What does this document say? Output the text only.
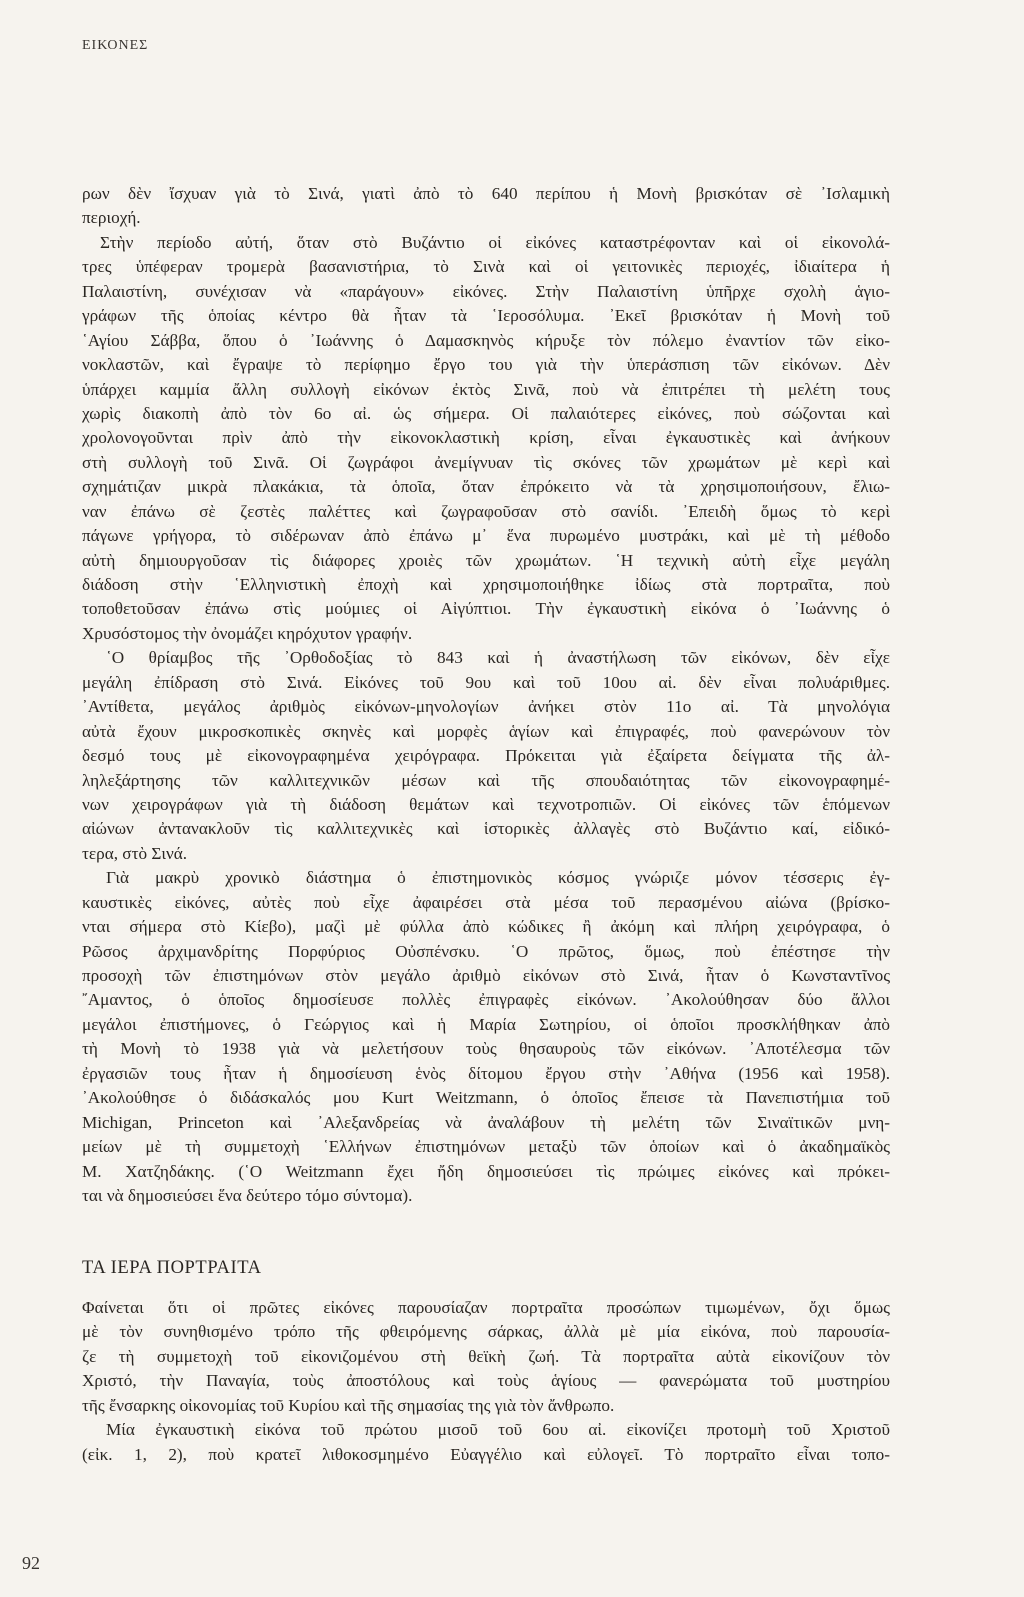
ΕΙΚΟΝΕΣ
ρων δὲν ἴσχυαν γιὰ τὸ Σινά, γιατὶ ἀπὸ τὸ 640 περίπου ἡ Μονὴ βρισκόταν σὲ ᾽Ισλαμικὴ
περιοχή.
Στὴν περίοδο αὐτή, ὅταν στὸ Βυζάντιο οἱ εἰκόνες καταστρέφονταν καὶ οἱ εἰκονολά-
τρες ὑπέφεραν τρομερὰ βασανιστήρια, τὸ Σινὰ καὶ οἱ γειτονικὲς περιοχές, ἰδιαίτερα ἡ
Παλαιστίνη, συνέχισαν νὰ «παράγουν» εἰκόνες. Στὴν Παλαιστίνη ὑπῆρχε σχολὴ ἁγιο-
γράφων τῆς ὁποίας κέντρο θὰ ἦταν τὰ ῾Ιεροσόλυμα. ᾽Εκεῖ βρισκόταν ἡ Μονὴ τοῦ
῾Αγίου Σάββα, ὅπου ὁ ᾽Ιωάννης ὁ Δαμασκηνὸς κήρυξε τὸν πόλεμο ἐναντίον τῶν εἰκο-
νοκλαστῶν, καὶ ἔγραψε τὸ περίφημο ἔργο του γιὰ τὴν ὑπεράσπιση τῶν εἰκόνων. Δὲν
ὑπάρχει καμμία ἄλλη συλλογὴ εἰκόνων ἐκτὸς Σινᾶ, ποὺ νὰ ἐπιτρέπει τὴ μελέτη τους
χωρὶς διακοπὴ ἀπὸ τὸν 6ο αἰ. ὡς σήμερα. Οἱ παλαιότερες εἰκόνες, ποὺ σώζονται καὶ
χρολονογοῦνται πρὶν ἀπὸ τὴν εἰκονοκλαστικὴ κρίση, εἶναι ἐγκαυστικὲς καὶ ἀνήκουν
στὴ συλλογὴ τοῦ Σινᾶ. Οἱ ζωγράφοι ἀνεμίγνυαν τὶς σκόνες τῶν χρωμάτων μὲ κερὶ καὶ
σχημάτιζαν μικρὰ πλακάκια, τὰ ὁποῖα, ὅταν ἐπρόκειτο νὰ τὰ χρησιμοποιήσουν, ἔλιω-
ναν ἐπάνω σὲ ζεστὲς παλέττες καὶ ζωγραφοῦσαν στὸ σανίδι. ᾽Επειδὴ ὅμως τὸ κερὶ
πάγωνε γρήγορα, τὸ σιδέρωναν ἀπὸ ἐπάνω μ᾽ ἕνα πυρωμένο μυστράκι, καὶ μὲ τὴ μέθοδο
αὐτὴ δημιουργοῦσαν τὶς διάφορες χροιὲς τῶν χρωμάτων. ῾Η τεχνικὴ αὐτὴ εἶχε μεγάλη
διάδοση στὴν ῾Ελληνιστικὴ ἐποχὴ καὶ χρησιμοποιήθηκε ἰδίως στὰ πορτραῖτα, ποὺ
τοποθετοῦσαν ἐπάνω στὶς μούμιες οἱ Αἰγύπτιοι. Τὴν ἐγκαυστικὴ εἰκόνα ὁ ᾽Ιωάννης ὁ
Χρυσόστομος τὴν ὀνομάζει κηρόχυτον γραφήν.
῾Ο θρίαμβος τῆς ᾽Ορθοδοξίας τὸ 843 καὶ ἡ ἀναστήλωση τῶν εἰκόνων, δὲν εἶχε
μεγάλη ἐπίδραση στὸ Σινά. Εἰκόνες τοῦ 9ου καὶ τοῦ 10ου αἰ. δὲν εἶναι πολυάριθμες.
᾽Αντίθετα, μεγάλος ἀριθμὸς εἰκόνων-μηνολογίων ἀνήκει στὸν 11ο αἰ. Τὰ μηνολόγια
αὐτὰ ἔχουν μικροσκοπικὲς σκηνὲς καὶ μορφὲς ἁγίων καὶ ἐπιγραφές, ποὺ φανερώνουν τὸν
δεσμό τους μὲ εἰκονογραφημένα χειρόγραφα. Πρόκειται γιὰ ἐξαίρετα δείγματα τῆς ἀλ-
ληλεξάρτησης τῶν καλλιτεχνικῶν μέσων καὶ τῆς σπουδαιότητας τῶν εἰκονογραφημέ-
νων χειρογράφων γιὰ τὴ διάδοση θεμάτων καὶ τεχνοτροπιῶν. Οἱ εἰκόνες τῶν ἑπόμενων
αἰώνων ἀντανακλοῦν τὶς καλλιτεχνικὲς καὶ ἱστορικὲς ἀλλαγὲς στὸ Βυζάντιο καί, εἰδικό-
τερα, στὸ Σινά.
Γιὰ μακρὺ χρονικὸ διάστημα ὁ ἐπιστημονικὸς κόσμος γνώριζε μόνον τέσσερις ἐγ-
καυστικὲς εἰκόνες, αὐτὲς ποὺ εἶχε ἀφαιρέσει στὰ μέσα τοῦ περασμένου αἰώνα (βρίσκο-
νται σήμερα στὸ Κίεβο), μαζὶ μὲ φύλλα ἀπὸ κώδικες ἢ ἀκόμη καὶ πλήρη χειρόγραφα, ὁ
Ρῶσος ἀρχιμανδρίτης Πορφύριος Οὐσπένσκυ. ῾Ο πρῶτος, ὅμως, ποὺ ἐπέστησε τὴν
προσοχὴ τῶν ἐπιστημόνων στὸν μεγάλο ἀριθμὸ εἰκόνων στὸ Σινά, ἦταν ὁ Κωνσταντῖνος
῎Αμαντος, ὁ ὁποῖος δημοσίευσε πολλὲς ἐπιγραφὲς εἰκόνων. ᾽Ακολούθησαν δύο ἄλλοι
μεγάλοι ἐπιστήμονες, ὁ Γεώργιος καὶ ἡ Μαρία Σωτηρίου, οἱ ὁποῖοι προσκλήθηκαν ἀπὸ
τὴ Μονὴ τὸ 1938 γιὰ νὰ μελετήσουν τοὺς θησαυροὺς τῶν εἰκόνων. ᾽Αποτέλεσμα τῶν
ἐργασιῶν τους ἦταν ἡ δημοσίευση ἑνὸς δίτομου ἔργου στὴν ᾽Αθήνα (1956 καὶ 1958).
᾽Ακολούθησε ὁ διδάσκαλός μου Kurt Weitzmann, ὁ ὁποῖος ἔπεισε τὰ Πανεπιστήμια τοῦ
Michigan, Princeton καὶ ᾽Αλεξανδρείας νὰ ἀναλάβουν τὴ μελέτη τῶν Σιναϊτικῶν μνη-
μείων μὲ τὴ συμμετοχὴ ῾Ελλήνων ἐπιστημόνων μεταξὺ τῶν ὁποίων καὶ ὁ ἀκαδημαϊκὸς
Μ. Χατζηδάκης. (῾Ο Weitzmann ἔχει ἤδη δημοσιεύσει τὶς πρώιμες εἰκόνες καὶ πρόκει-
ται νὰ δημοσιεύσει ἕνα δεύτερο τόμο σύντομα).
ΤΑ ΙΕΡΑ ΠΟΡΤΡΑΙΤΑ
Φαίνεται ὅτι οἱ πρῶτες εἰκόνες παρουσίαζαν πορτραῖτα προσώπων τιμωμένων, ὄχι ὅμως
μὲ τὸν συνηθισμένο τρόπο τῆς φθειρόμενης σάρκας, ἀλλὰ μὲ μία εἰκόνα, ποὺ παρουσία-
ζε τὴ συμμετοχὴ τοῦ εἰκονιζομένου στὴ θεϊκὴ ζωή. Τὰ πορτραῖτα αὐτὰ εἰκονίζουν τὸν
Χριστό, τὴν Παναγία, τοὺς ἀποστόλους καὶ τοὺς ἁγίους — φανερώματα τοῦ μυστηρίου
τῆς ἔνσαρκης οἰκονομίας τοῦ Κυρίου καὶ τῆς σημασίας της γιὰ τὸν ἄνθρωπο.
Μία ἐγκαυστικὴ εἰκόνα τοῦ πρώτου μισοῦ τοῦ 6ου αἰ. εἰκονίζει προτομὴ τοῦ Χριστοῦ
(εἰκ. 1, 2), ποὺ κρατεῖ λιθοκοσμημένο Εὐαγγέλιο καὶ εὐλογεῖ. Τὸ πορτραῖτο εἶναι τοπο-
92
